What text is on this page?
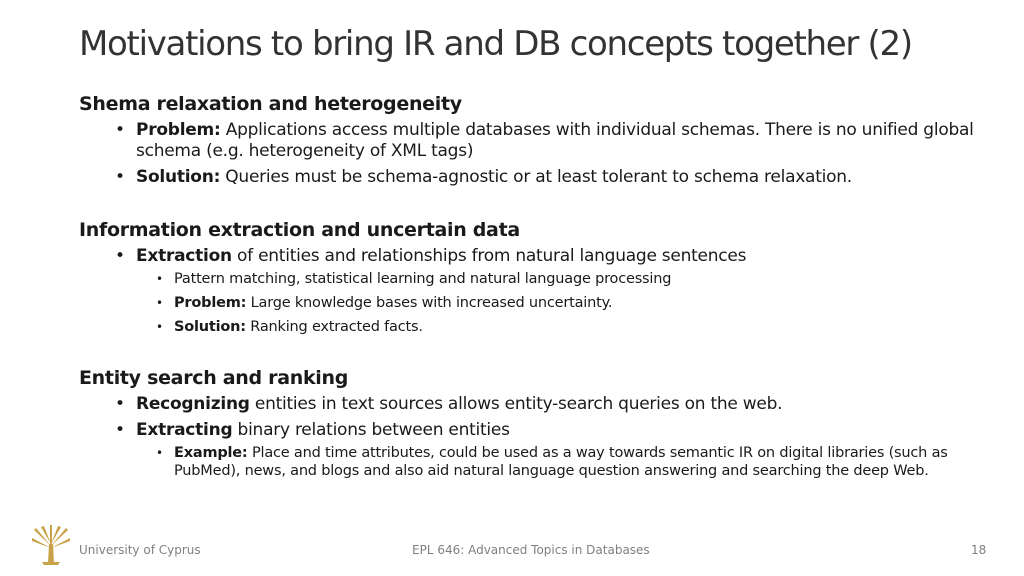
Motivations to bring IR and DB concepts together (2)
Shema relaxation and heterogeneity
• Problem: Applications access multiple databases with individual schemas. There is no unified global schema (e.g. heterogeneity of XML tags)
• Solution: Queries must be schema-agnostic or at least tolerant to schema relaxation.
Information extraction and uncertain data
• Extraction of entities and relationships from natural language sentences
• Pattern matching, statistical learning and natural language processing
• Problem: Large knowledge bases with increased uncertainty.
• Solution: Ranking extracted facts.
Entity search and ranking
• Recognizing entities in text sources allows entity-search queries on the web.
• Extracting binary relations between entities
• Example: Place and time attributes, could be used as a way towards semantic IR on digital libraries (such as PubMed), news, and blogs and also aid natural language question answering and searching the deep Web.
University of Cyprus	EPL 646: Advanced Topics in Databases	18
